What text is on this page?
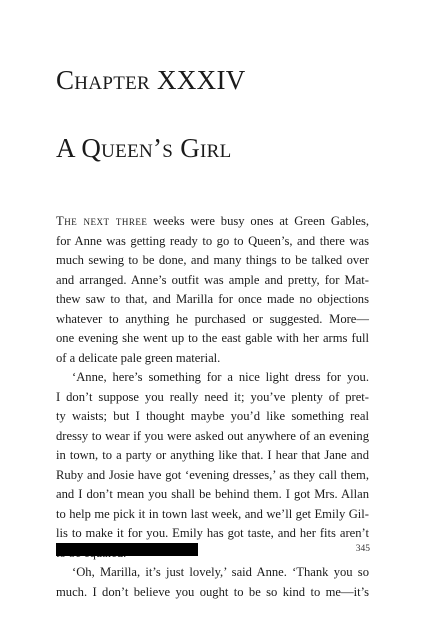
Chapter XXXIV
A Queen’s Girl
The next three weeks were busy ones at Green Gables,
for Anne was getting ready to go to Queen’s, and there was
much sewing to be done, and many things to be talked over
and arranged. Anne’s outfit was ample and pretty, for Mat-
thew saw to that, and Marilla for once made no objections
whatever to anything he purchased or suggested. More—
one evening she went up to the east gable with her arms full
of a delicate pale green material.
‘Anne, here’s something for a nice light dress for you.
I don’t suppose you really need it; you’ve plenty of pret-
ty waists; but I thought maybe you’d like something real
dressy to wear if you were asked out anywhere of an evening
in town, to a party or anything like that. I hear that Jane and
Ruby and Josie have got ‘evening dresses,’ as they call them,
and I don’t mean you shall be behind them. I got Mrs. Allan
to help me pick it in town last week, and we’ll get Emily Gil-
lis to make it for you. Emily has got taste, and her fits aren’t
‘Oh, Marilla, it’s just lovely,’ said Anne. ‘Thank you so
much. I don’t believe you ought to be so kind to me—it’s
345
